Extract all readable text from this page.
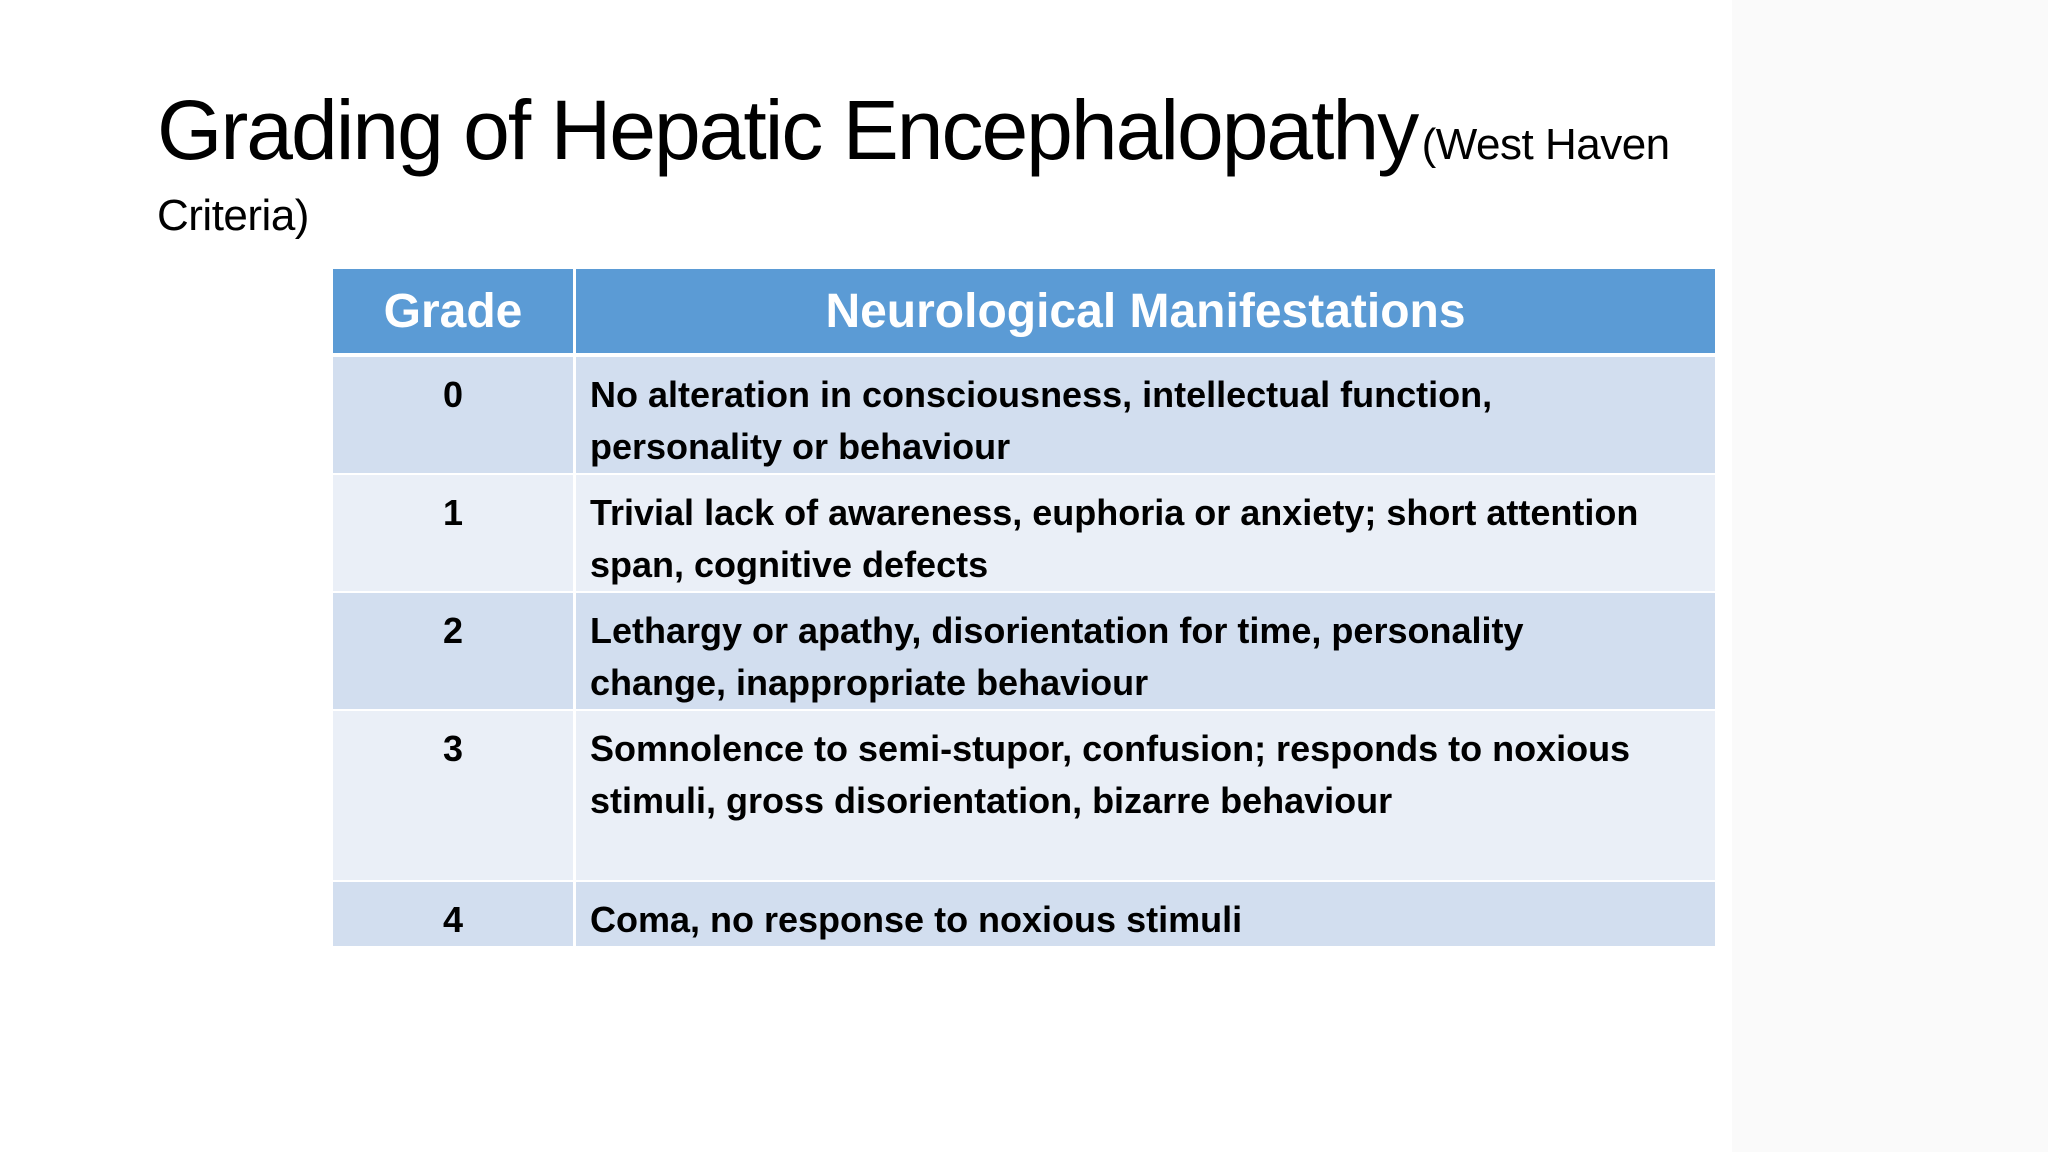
Grading of Hepatic Encephalopathy (West Haven
Criteria)
Grade	Neurological Manifestations
0	No alteration in consciousness, intellectual function,
personality or behaviour

1	Trivial lack of awareness, euphoria or anxiety; short attention
span, cognitive defects

2	Lethargy or apathy, disorientation for time, personality
change, inappropriate behaviour

3	Somnolence to semi-stupor, confusion; responds to noxious
stimuli, gross disorientation, bizarre behaviour

4	Coma, no response to noxious stimuli
